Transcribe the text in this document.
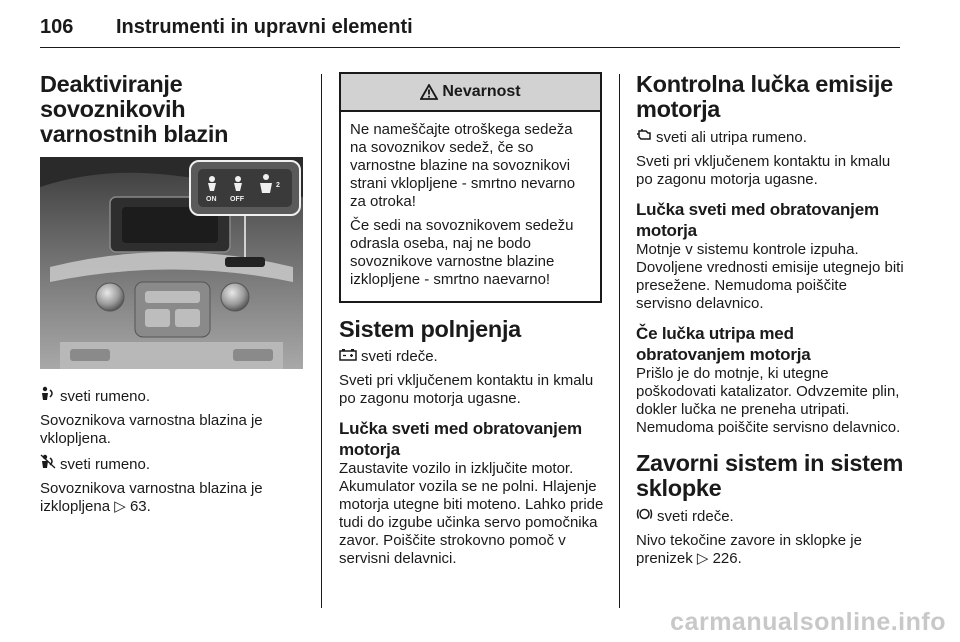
106 Instrumenti in upravni elementi
Deaktiviranje sovoznikovih varnostnih blazin
ON OFF
2

sveti rumeno.

Sovoznikova varnostna blazina je vklopljena.

sveti rumeno.

Sovoznikova varnostna blazina je izklopljena ▷ 63.

Nevarnost

Ne nameščajte otroškega sedeža na sovoznikov sedež, če so varnostne blazine na sovoznikovi strani vklopljene - smrtno nevarno za otroka!

Če sedi na sovoznikovem sedežu odrasla oseba, naj ne bodo sovoznikove varnostne blazine izklopljene - smrtno naevarno!

Sistem polnjenja

sveti rdeče.

Sveti pri vključenem kontaktu in kmalu po zagonu motorja ugasne.

Lučka sveti med obratovanjem motorja

Zaustavite vozilo in izključite motor. Akumulator vozila se ne polni. Hlajenje motorja utegne biti moteno. Lahko pride tudi do izgube učinka servo pomočnika zavor. Poiščite strokovno pomoč v servisni delavnici.

Kontrolna lučka emisije motorja

sveti ali utripa rumeno.

Sveti pri vključenem kontaktu in kmalu po zagonu motorja ugasne.

Lučka sveti med obratovanjem motorja

Motnje v sistemu kontrole izpuha. Dovoljene vrednosti emisije utegnejo biti presežene. Nemudoma poiščite servisno delavnico.

Če lučka utripa med obratovanjem motorja

Prišlo je do motnje, ki utegne poškodovati katalizator. Odvzemite plin, dokler lučka ne preneha utripati. Nemudoma poiščite servisno delavnico.

Zavorni sistem in sistem sklopke

sveti rdeče.

Nivo tekočine zavore in sklopke je prenizek ▷ 226.

carmanualsonline.info
